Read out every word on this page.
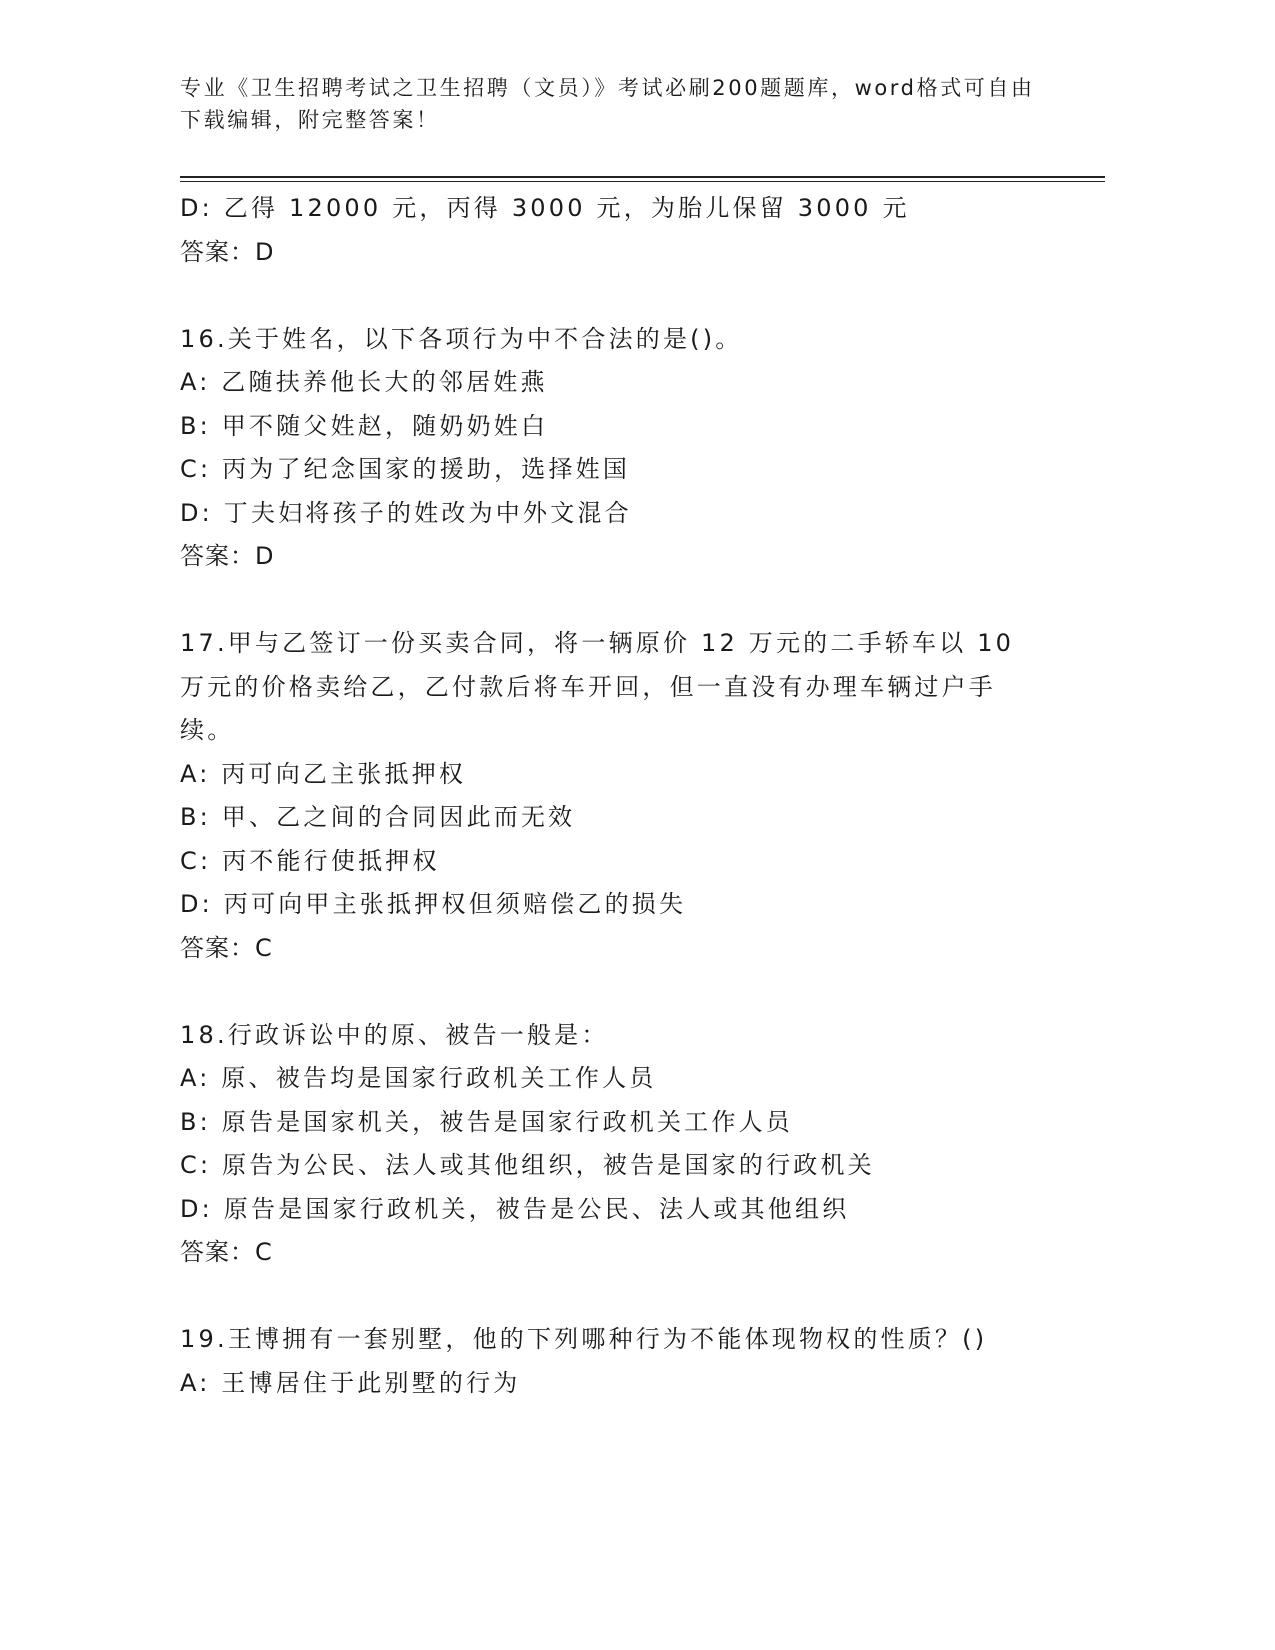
专业《卫生招聘考试之卫生招聘（文员）》考试必刷200题题库，word格式可自由下载编辑，附完整答案！
D: 乙得 12000 元，丙得 3000 元，为胎儿保留 3000 元
答案：D
16.关于姓名，以下各项行为中不合法的是()。
A: 乙随扶养他长大的邻居姓燕
B: 甲不随父姓赵，随奶奶姓白
C: 丙为了纪念国家的援助，选择姓国
D: 丁夫妇将孩子的姓改为中外文混合
答案：D
17.甲与乙签订一份买卖合同，将一辆原价 12 万元的二手轿车以 10 万元的价格卖给乙，乙付款后将车开回，但一直没有办理车辆过户手续。
A: 丙可向乙主张抵押权
B: 甲、乙之间的合同因此而无效
C: 丙不能行使抵押权
D: 丙可向甲主张抵押权但须赔偿乙的损失
答案：C
18.行政诉讼中的原、被告一般是：
A: 原、被告均是国家行政机关工作人员
B: 原告是国家机关，被告是国家行政机关工作人员
C: 原告为公民、法人或其他组织，被告是国家的行政机关
D: 原告是国家行政机关，被告是公民、法人或其他组织
答案：C
19.王博拥有一套别墅，他的下列哪种行为不能体现物权的性质？()
A: 王博居住于此别墅的行为
